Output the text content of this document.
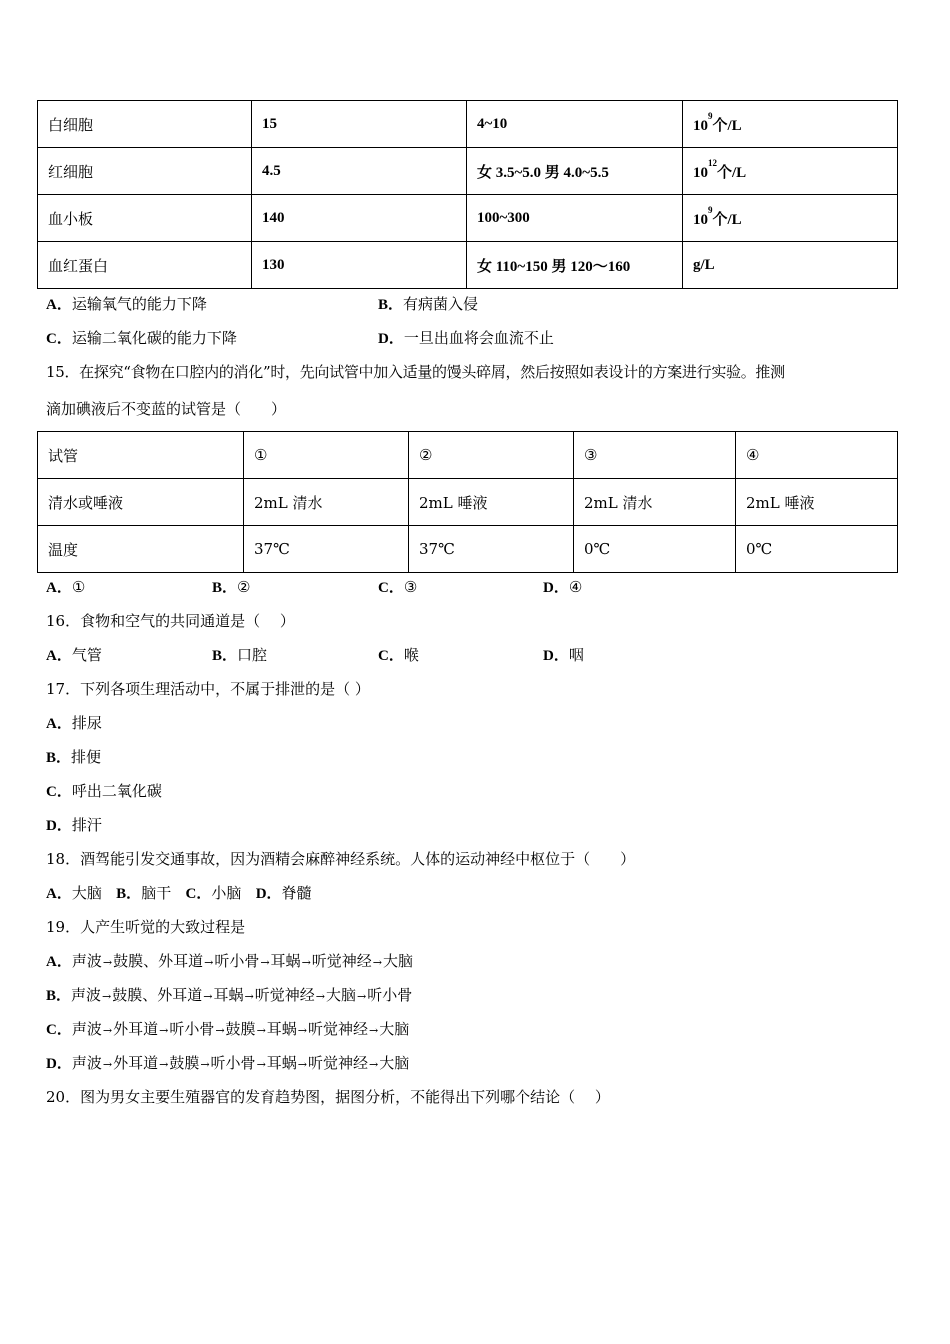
白细胞	15	4~10	$10^9$个/L
红细胞	4.5	女 3.5~5.0 男 4.0~5.5	$10^{12}$个/L
血小板	140	100~300	$10^9$个/L
血红蛋白	130	女 110~150 男 120～160	g/L
A．运输氧气的能力下降	B．有病菌入侵
C．运输二氧化碳的能力下降	D．一旦出血将会血流不止
15．在探究“食物在口腔内的消化”时，先向试管中加入适量的馒头碎屑，然后按照如表设计的方案进行实验。推测
滴加碘液后不变蓝的试管是（　　）
试管	①	②	③	④
清水或唾液	2mL 清水	2mL 唾液	2mL 清水	2mL 唾液
温度	37℃	37℃	0℃	0℃
A．①	B．②	C．③	D．④
16．食物和空气的共同通道是（　 ）
A．气管	B．口腔	C．喉	D．咽
17．下列各项生理活动中，不属于排泄的是（ ）
A．排尿
B．排便
C．呼出二氧化碳
D．排汗
18．酒驾能引发交通事故，因为酒精会麻醉神经系统。人体的运动神经中枢位于（　　）
A．大脑 B．脑干 C．小脑 D．脊髓
19．人产生听觉的大致过程是
A．声波→鼓膜、外耳道→听小骨→耳蜗→听觉神经→大脑
B．声波→鼓膜、外耳道→耳蜗→听觉神经→大脑→听小骨
C．声波→外耳道→听小骨→鼓膜→耳蜗→听觉神经→大脑
D．声波→外耳道→鼓膜→听小骨→耳蜗→听觉神经→大脑
20．图为男女主要生殖器官的发育趋势图，据图分析，不能得出下列哪个结论（　 ）
